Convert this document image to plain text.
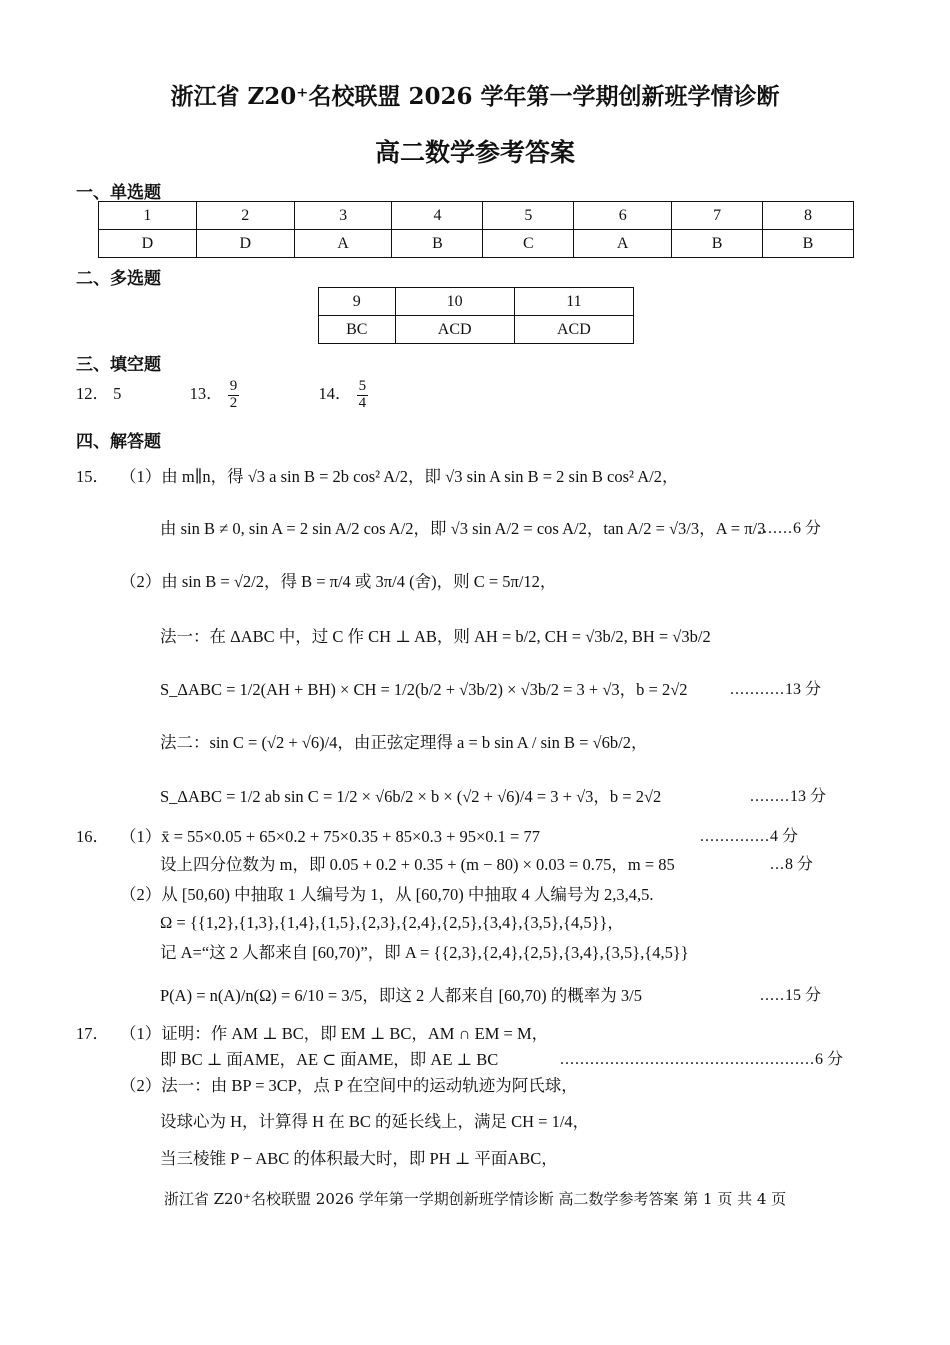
浙江省 Z20⁺名校联盟 2026 学年第一学期创新班学情诊断
高二数学参考答案
一、单选题
1	2	3	4	5	6	7	8
D	D	A	B	C	A	B	B
二、多选题
9	10	11
BC	ACD	ACD
三、填空题
12． 5	13． $\frac{9}{2}$	14． $\frac{5}{4}$
四、解答题
15． （1）由 m∥n，得 √3 a sin B = 2b cos² A/2，即 √3 sin A sin B = 2 sin B cos² A/2，
由 sin B ≠ 0, sin A = 2 sin A/2 cos A/2，即 √3 sin A/2 = cos A/2，tan A/2 = √3/3，A = π/3
.......6 分
（2）由 sin B = √2/2，得 B = π/4 或 3π/4 (舍)，则 C = 5π/12，
法一：在 ΔABC 中，过 C 作 CH ⊥ AB，则 AH = b/2, CH = √3b/2, BH = √3b/2
S_ΔABC = 1/2(AH + BH) × CH = 1/2(b/2 + √3b/2) × √3b/2 = 3 + √3，b = 2√2	...........13 分
法二：sin C = (√2 + √6)/4，由正弦定理得 a = b sin A / sin B = √6b/2，
S_ΔABC = 1/2 ab sin C = 1/2 × √6b/2 × b × (√2 + √6)/4 = 3 + √3，b = 2√2	........13 分
16． （1）x̄ = 55×0.05 + 65×0.2 + 75×0.35 + 85×0.3 + 95×0.1 = 77	..............4 分
设上四分位数为 m，即 0.05 + 0.2 + 0.35 + (m − 80) × 0.03 = 0.75，m = 85	...8 分
（2）从 [50,60) 中抽取 1 人编号为 1，从 [60,70) 中抽取 4 人编号为 2,3,4,5.
Ω = {{1,2},{1,3},{1,4},{1,5},{2,3},{2,4},{2,5},{3,4},{3,5},{4,5}}，
记 A=“这 2 人都来自 [60,70)”，即 A = {{2,3},{2,4},{2,5},{3,4},{3,5},{4,5}}
P(A) = n(A)/n(Ω) = 6/10 = 3/5，即这 2 人都来自 [60,70) 的概率为 3/5	.....15 分
17． （1）证明：作 AM ⊥ BC，即 EM ⊥ BC，AM ∩ EM = M，
即 BC ⊥ 面AME，AE ⊂ 面AME，即 AE ⊥ BC	...................................................6 分
（2）法一：由 BP = 3CP，点 P 在空间中的运动轨迹为阿氏球，
设球心为 H，计算得 H 在 BC 的延长线上，满足 CH = 1/4，
当三棱锥 P − ABC 的体积最大时，即 PH ⊥ 平面ABC，
浙江省 Z20⁺名校联盟 2026 学年第一学期创新班学情诊断 高二数学参考答案 第 1 页 共 4 页
